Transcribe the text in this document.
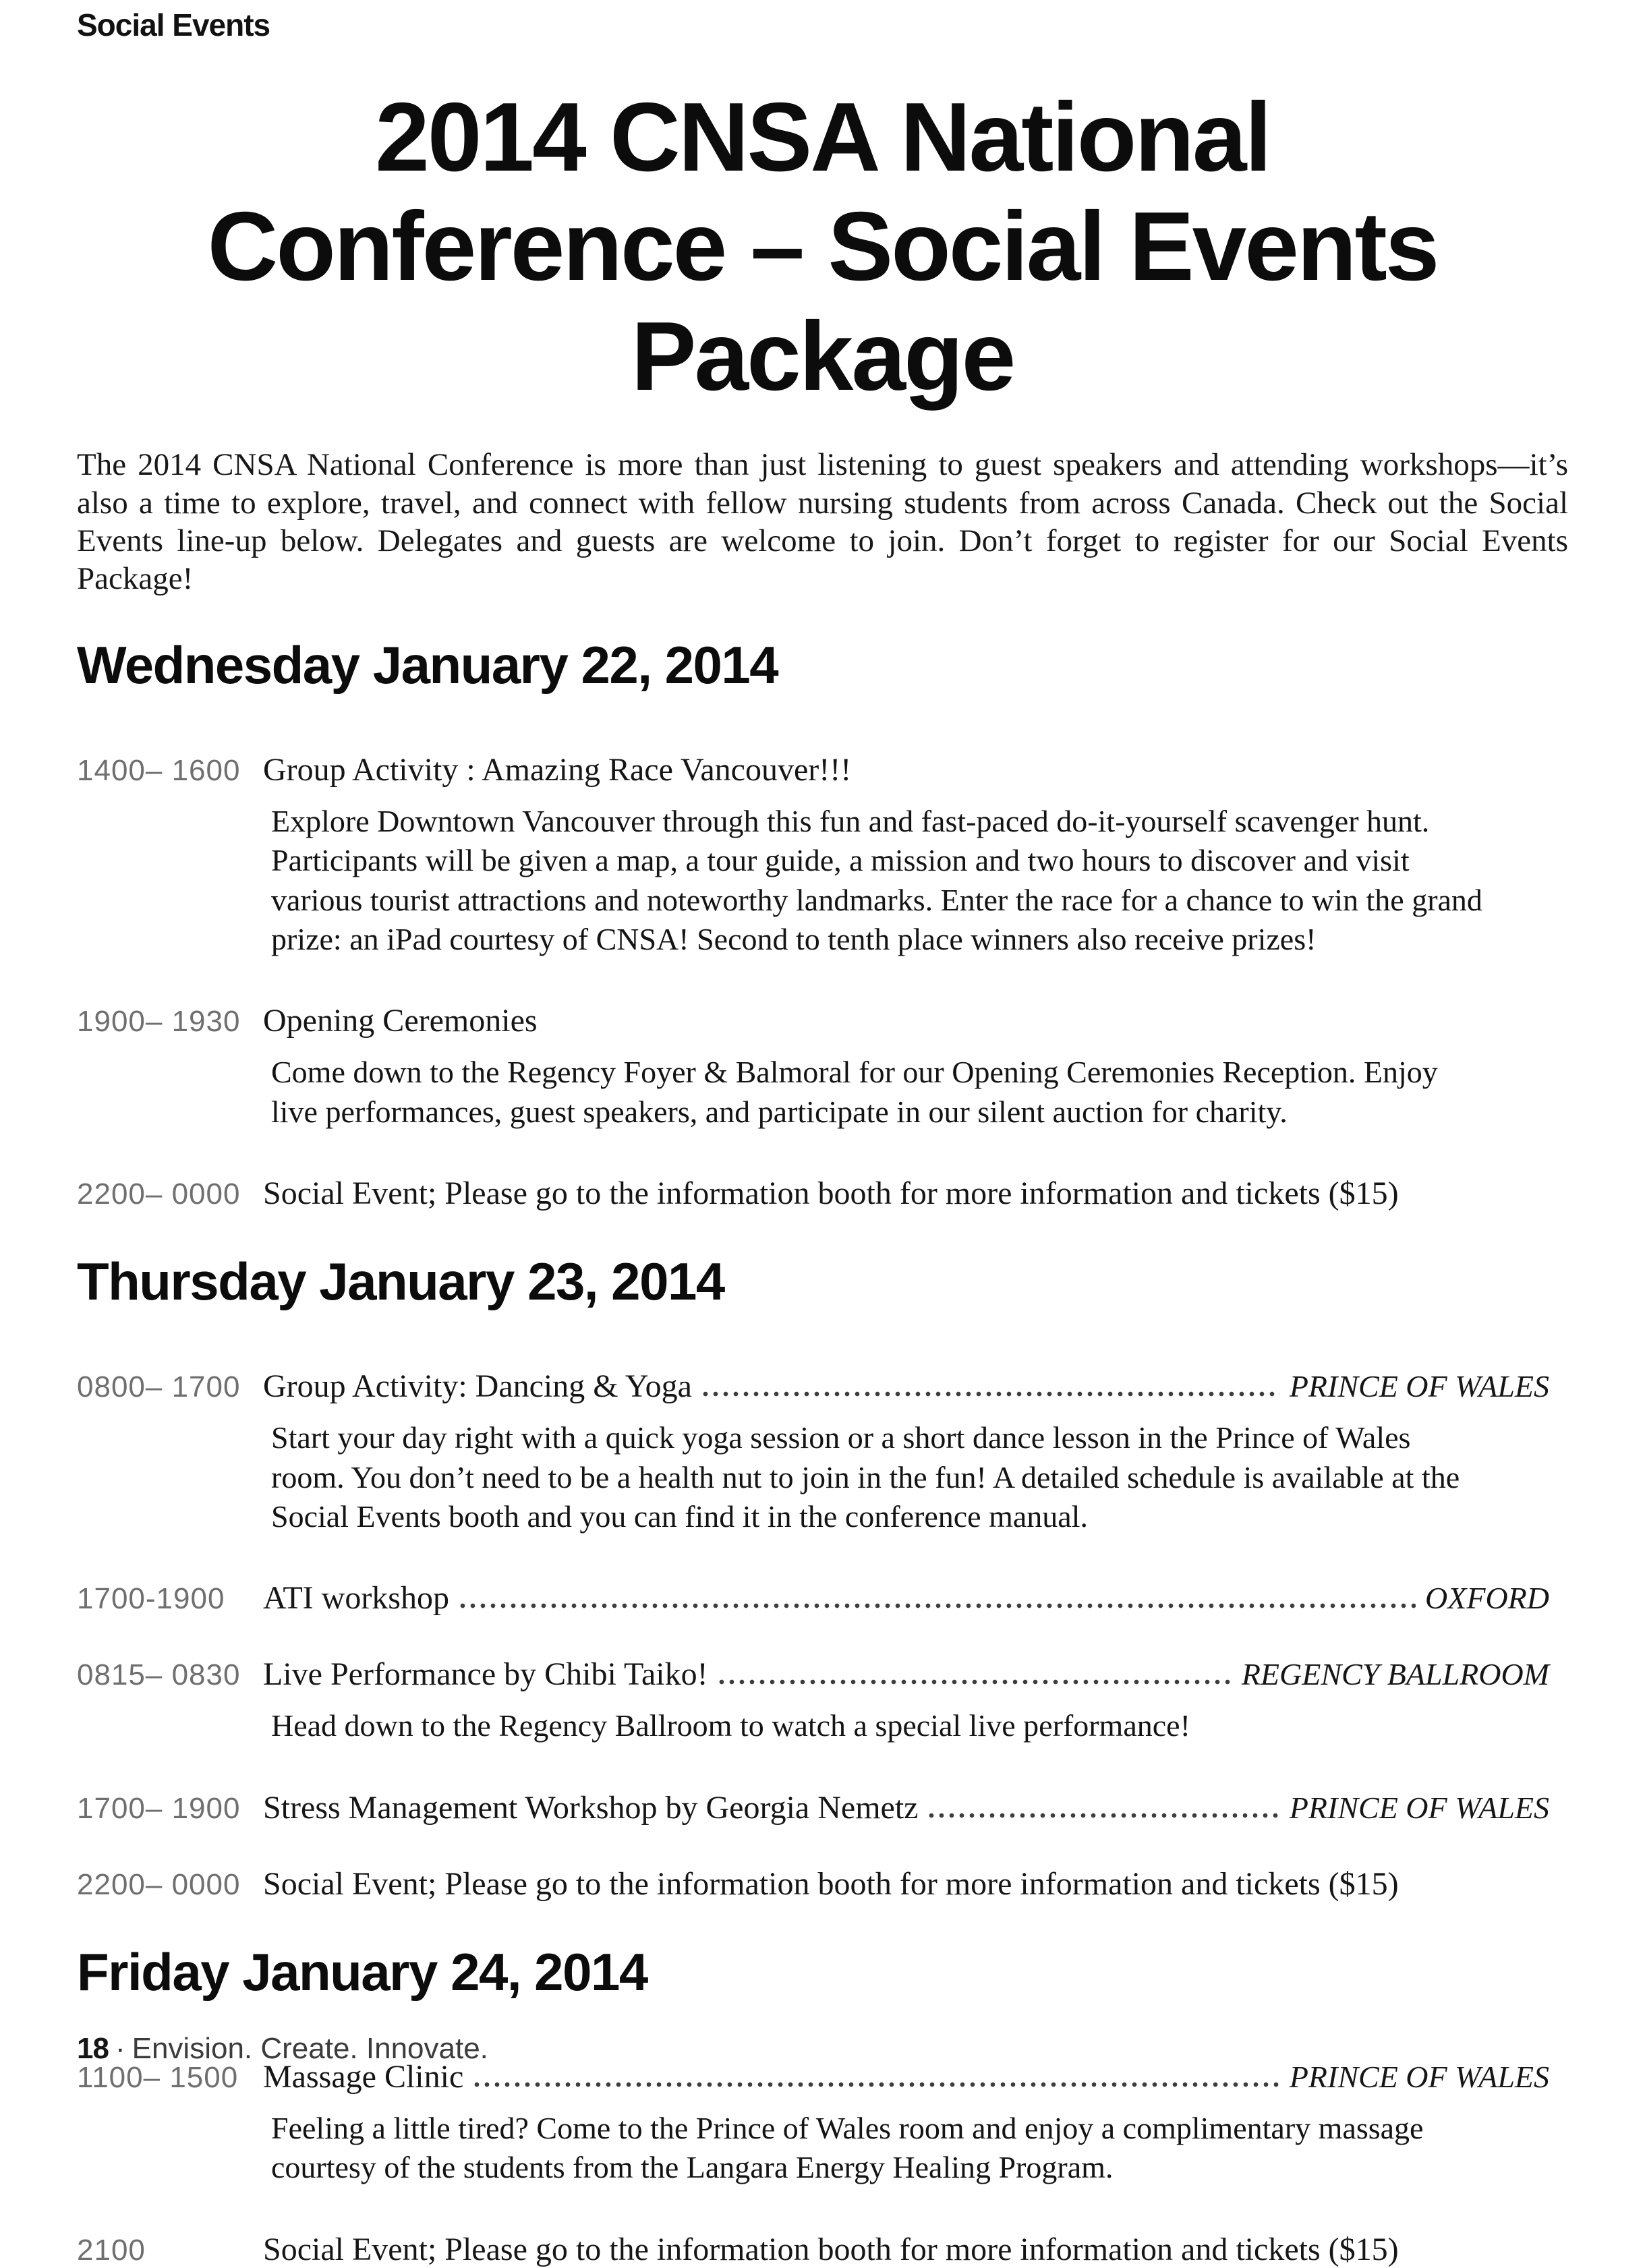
Social Events
2014 CNSA National Conference – Social Events Package

The 2014 CNSA National Conference is more than just listening to guest speakers and attending workshops—it’s also a time to explore, travel, and connect with fellow nursing students from across Canada. Check out the Social Events line-up below. Delegates and guests are welcome to join. Don’t forget to register for our Social Events Package!

Wednesday January 22, 2014
1400– 1600 Group Activity : Amazing Race Vancouver!!!

Explore Downtown Vancouver through this fun and fast-paced do-it-yourself scavenger hunt. Participants will be given a map, a tour guide, a mission and two hours to discover and visit various tourist attractions and noteworthy landmarks. Enter the race for a chance to win the grand prize: an iPad courtesy of CNSA! Second to tenth place winners also receive prizes!

1900– 1930 Opening Ceremonies

Come down to the Regency Foyer & Balmoral for our Opening Ceremonies Reception. Enjoy live performances, guest speakers, and participate in our silent auction for charity.

2200– 0000 Social Event; Please go to the information booth for more information and tickets ($15)
Thursday January 23, 2014
0800– 1700 Group Activity: Dancing & Yoga	PRINCE OF WALES

Start your day right with a quick yoga session or a short dance lesson in the Prince of Wales room. You don’t need to be a health nut to join in the fun! A detailed schedule is available at the Social Events booth and you can find it in the conference manual.

1700-1900	ATI workshop	OXFORD
0815– 0830 Live Performance by Chibi Taiko!	REGENCY BALLROOM

Head down to the Regency Ballroom to watch a special live performance!

1700– 1900 Stress Management Workshop by Georgia Nemetz	PRINCE OF WALES
2200– 0000 Social Event; Please go to the information booth for more information and tickets ($15)
Friday January 24, 2014
1100– 1500 Massage Clinic	PRINCE OF WALES

Feeling a little tired? Come to the Prince of Wales room and enjoy a complimentary massage courtesy of the students from the Langara Energy Healing Program.

2100	Social Event; Please go to the information booth for more information and tickets ($15)
18 · Envision. Create. Innovate.
